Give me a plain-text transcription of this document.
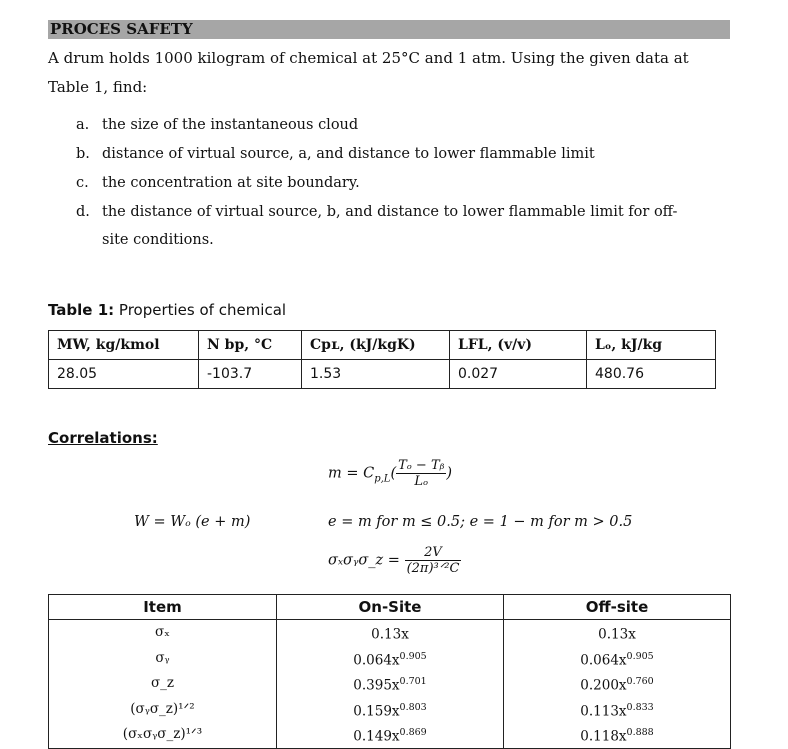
PROCES SAFETY
A drum holds 1000 kilogram of chemical at 25°C and 1 atm. Using the given data at
Table 1, find:
a. the size of the instantaneous cloud
b. distance of virtual source, a, and distance to lower flammable limit
c. the concentration at site boundary.
d. the distance of virtual source, b, and distance to lower flammable limit for off-
site conditions.
Table 1: Properties of chemical
MW, kg/kmol	N bp, °C	Cpʟ, (kJ/kgK)	LFL, (v/v)	Lₒ, kJ/kg
28.05	-103.7	1.53	0.027	480.76
Correlations:
$m = C_{p,L}( \frac{\text{Tₒ − Tᵦ}}{\text{Lₒ}}$ )
W = Wₒ (e + m)	e = m for m ≤ 0.5; e = 1 − m for m > 0.5
σₓσᵧσ_z = $\frac{2V}{\text{(2π)³ᐟ²C}}$
Item	On-Site	Off-site
σₓ	0.13x	0.13x
σᵧ	$0.064x^{0.905}$	$0.064x^{0.905}$
σ_z	$0.395x^{0.701}$	$0.200x^{0.760}$
(σᵧσ_z)¹ᐟ²	$0.159x^{0.803}$	$0.113x^{0.833}$
(σₓσᵧσ_z)¹ᐟ³	$0.149x^{0.869}$	$0.118x^{0.888}$
